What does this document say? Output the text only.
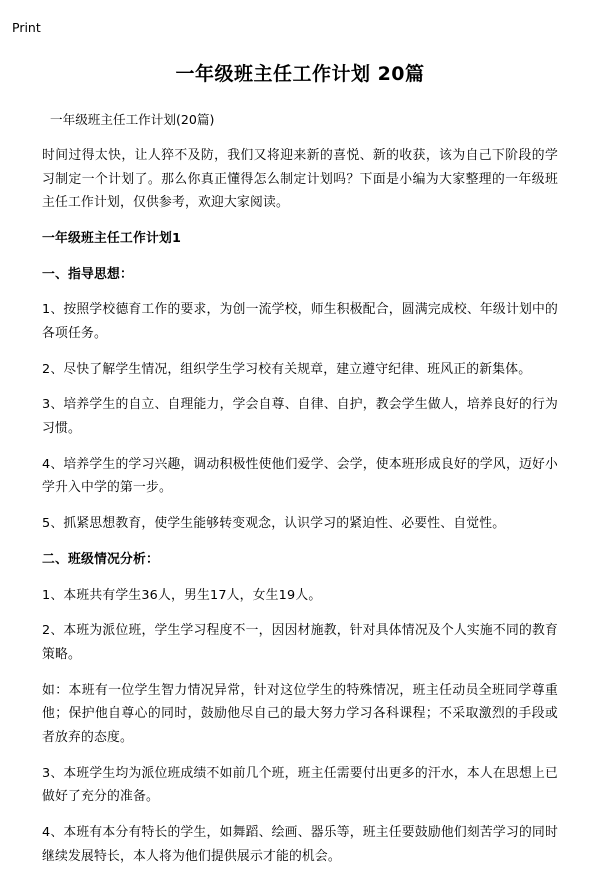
Print
一年级班主任工作计划 20篇

一年级班主任工作计划(20篇)

时间过得太快，让人猝不及防，我们又将迎来新的喜悦、新的收获，该为自己下阶段的学习制定一个计划了。那么你真正懂得怎么制定计划吗？下面是小编为大家整理的一年级班主任工作计划，仅供参考，欢迎大家阅读。

一年级班主任工作计划1

一、指导思想：

1、按照学校德育工作的要求，为创一流学校，师生积极配合，圆满完成校、年级计划中的各项任务。

2、尽快了解学生情况，组织学生学习校有关规章，建立遵守纪律、班风正的新集体。

3、培养学生的自立、自理能力，学会自尊、自律、自护，教会学生做人，培养良好的行为习惯。

4、培养学生的学习兴趣，调动积极性使他们爱学、会学，使本班形成良好的学风，迈好小学升入中学的第一步。

5、抓紧思想教育，使学生能够转变观念，认识学习的紧迫性、必要性、自觉性。

二、班级情况分析：

1、本班共有学生36人，男生17人，女生19人。

2、本班为派位班，学生学习程度不一，因因材施教，针对具体情况及个人实施不同的教育策略。

如：本班有一位学生智力情况异常，针对这位学生的特殊情况，班主任动员全班同学尊重他；保护他自尊心的同时，鼓励他尽自己的最大努力学习各科课程；不采取激烈的手段或者放弃的态度。

3、本班学生均为派位班成绩不如前几个班，班主任需要付出更多的汗水，本人在思想上已做好了充分的准备。

4、本班有本分有特长的学生，如舞蹈、绘画、器乐等，班主任要鼓励他们刻苦学习的同时继续发展特长，本人将为他们提供展示才能的机会。
